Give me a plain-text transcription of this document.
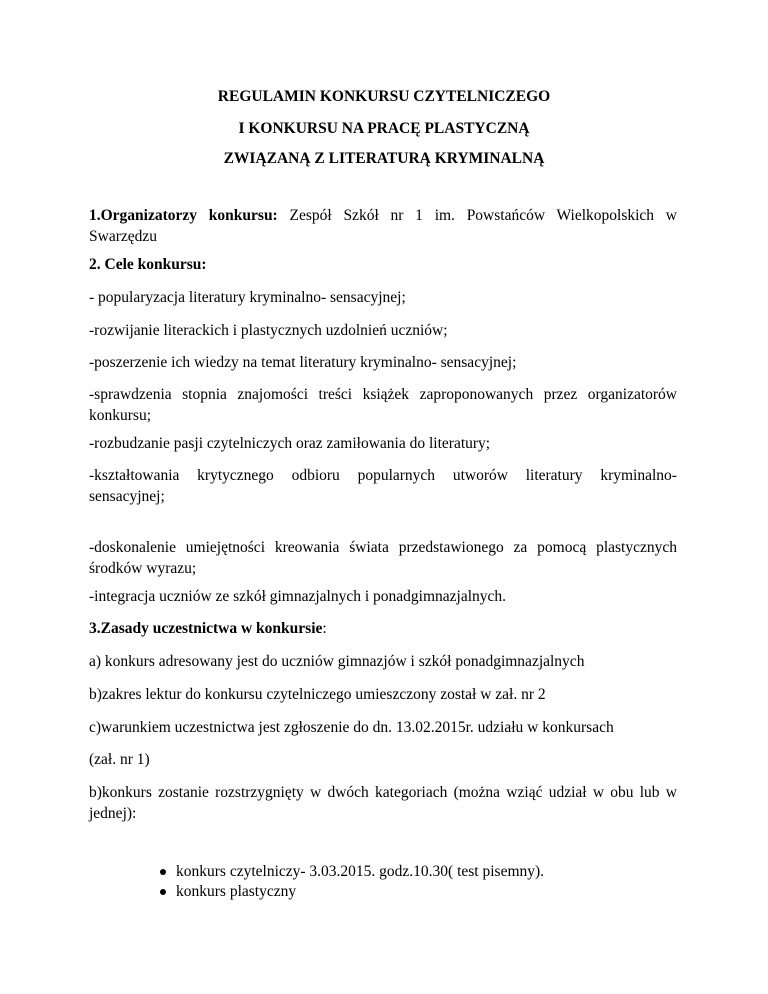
REGULAMIN KONKURSU CZYTELNICZEGO
I KONKURSU NA PRACĘ PLASTYCZNĄ
ZWIĄZANĄ Z LITERATURĄ KRYMINALNĄ

1.Organizatorzy konkursu: Zespół Szkół nr 1 im. Powstańców Wielkopolskich w Swarzędzu

2. Cele konkursu:

- popularyzacja literatury kryminalno- sensacyjnej;

-rozwijanie literackich i plastycznych uzdolnień uczniów;

-poszerzenie ich wiedzy na temat literatury kryminalno- sensacyjnej;

-sprawdzenia stopnia znajomości treści książek zaproponowanych przez organizatorów konkursu;

-rozbudzanie pasji czytelniczych oraz zamiłowania do literatury;

-kształtowania krytycznego odbioru popularnych utworów literatury kryminalno-
sensacyjnej;

-doskonalenie umiejętności kreowania świata przedstawionego za pomocą plastycznych środków wyrazu;

-integracja uczniów ze szkół gimnazjalnych i ponadgimnazjalnych.

3.Zasady uczestnictwa w konkursie:

a) konkurs adresowany jest do uczniów gimnazjów i szkół ponadgimnazjalnych

b)zakres lektur do konkursu czytelniczego umieszczony został w zał. nr 2

c)warunkiem uczestnictwa jest zgłoszenie do dn. 13.02.2015r. udziału w konkursach

(zał. nr 1)

b)konkurs zostanie rozstrzygnięty w dwóch kategoriach (można wziąć udział w obu lub w jednej):

konkurs czytelniczy- 3.03.2015. godz.10.30( test pisemny).
konkurs plastyczny
